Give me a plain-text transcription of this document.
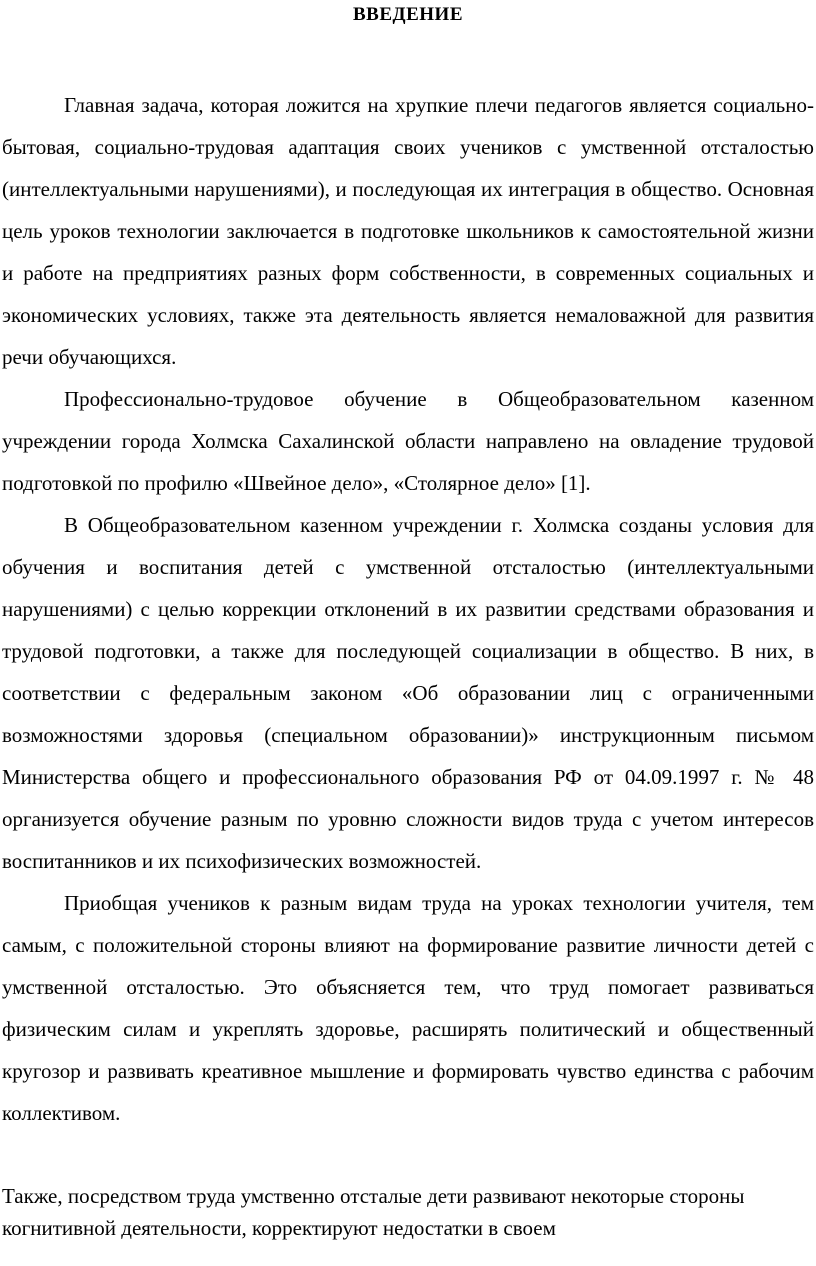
ВВЕДЕНИЕ

Главная задача, которая ложится на хрупкие плечи педагогов является социально-бытовая, социально-трудовая адаптация своих учеников с умственной отсталостью (интеллектуальными нарушениями), и последующая их интеграция в общество. Основная цель уроков технологии заключается в подготовке школьников к самостоятельной жизни и работе на предприятиях разных форм собственности, в современных социальных и экономических условиях, также эта деятельность является немаловажной для развития речи обучающихся.

Профессионально-трудовое обучение в Общеобразовательном казенном учреждении города Холмска Сахалинской области направлено на овладение трудовой подготовкой по профилю «Швейное дело», «Столярное дело» [1].

В Общеобразовательном казенном учреждении г. Холмска созданы условия для обучения и воспитания детей с умственной отсталостью (интеллектуальными нарушениями) с целью коррекции отклонений в их развитии средствами образования и трудовой подготовки, а также для последующей социализации в общество. В них, в соответствии с федеральным законом «Об образовании лиц с ограниченными возможностями здоровья (специальном образовании)» инструкционным письмом Министерства общего и профессионального образования РФ от 04.09.1997 г. № 48 организуется обучение разным по уровню сложности видов труда с учетом интересов воспитанников и их психофизических возможностей.

Приобщая учеников к разным видам труда на уроках технологии учителя, тем самым, с положительной стороны влияют на формирование развитие личности детей с умственной отсталостью. Это объясняется тем, что труд помогает развиваться физическим силам и укреплять здоровье, расширять политический и общественный кругозор и развивать креативное мышление и формировать чувство единства с рабочим коллективом.

Также, посредством труда умственно отсталые дети развивают некоторые стороны когнитивной деятельности, корректируют недостатки в своем
